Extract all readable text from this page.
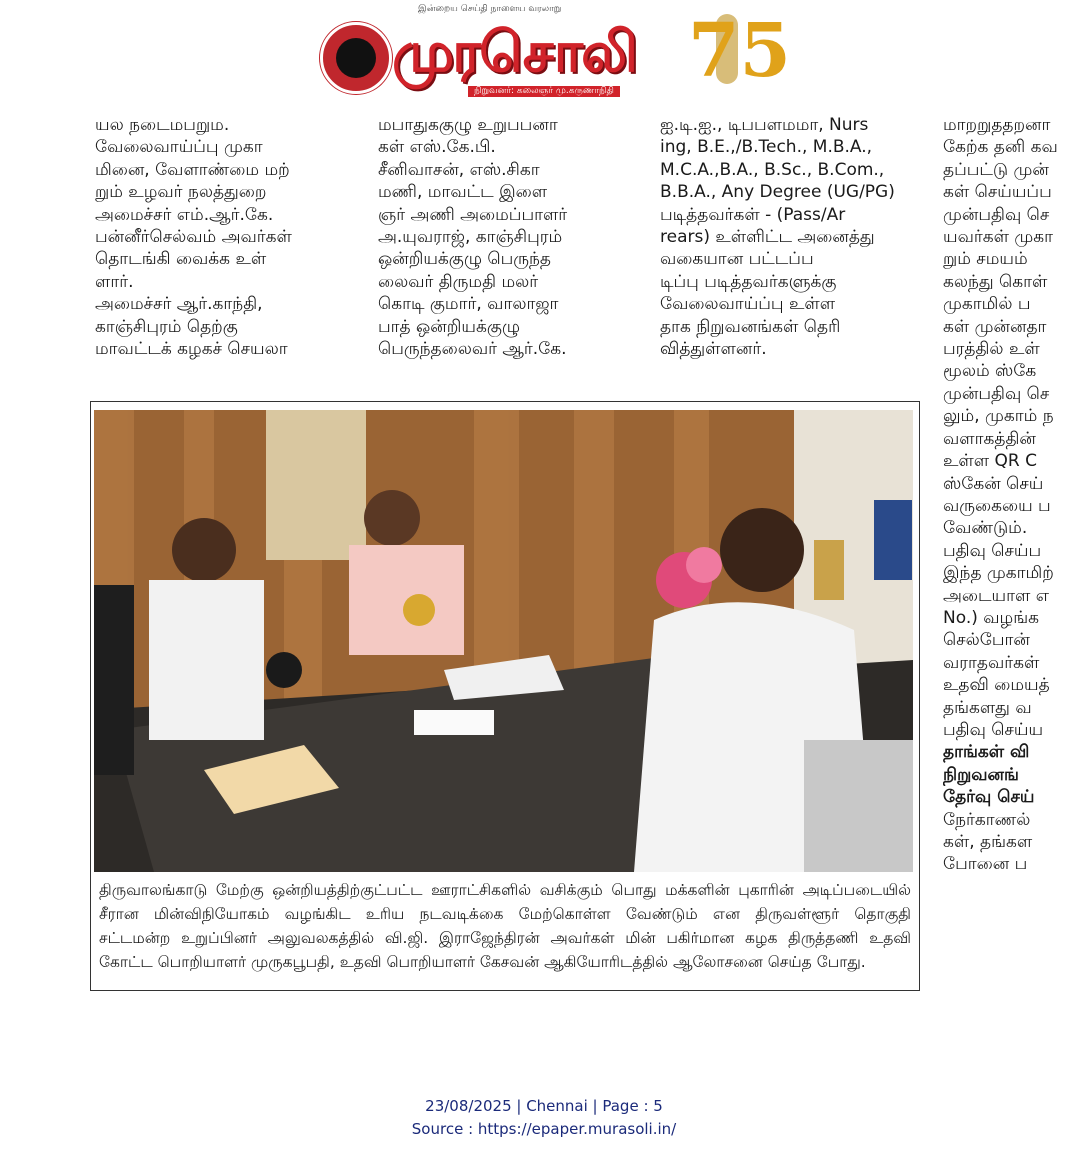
இன்றைய செய்தி நாளைய வரலாறு
முரசொலி
நிறுவனர்: கலைஞர் மு.கருணாநிதி 75
யல நடைமபறும.
வேலைவாய்ப்பு முகா
மினை, வேளாண்மை மற்
றும் உழவர் நலத்துறை
அமைச்சர் எம்.ஆர்.கே.
பன்னீர்செல்வம் அவர்கள்
தொடங்கி வைக்க உள்
ளார்.
அமைச்சர் ஆர்.காந்தி,
காஞ்சிபுரம் தெற்கு
மாவட்டக் கழகச் செயலா
மபாதுககுழு உறுபபனா
கள் எஸ்.கே.பி.
சீனிவாசன், எஸ்.சிகா
மணி, மாவட்ட இளை
ஞர் அணி அமைப்பாளர்
அ.யுவராஜ், காஞ்சிபுரம்
ஒன்றியக்குழு பெருந்த
லைவர் திருமதி மலர்
கொடி குமார், வாலாஜா
பாத் ஒன்றியக்குழு
பெருந்தலைவர் ஆர்.கே.
ஐ.டி.ஐ., டிபபளமமா, Nurs
ing, B.E.,/B.Tech., M.B.A.,
M.C.A.,B.A., B.Sc., B.Com.,
B.B.A., Any Degree (UG/PG)
படித்தவர்கள் - (Pass/Ar
rears) உள்ளிட்ட அனைத்து
வகையான பட்டப்ப
டிப்பு படித்தவர்களுக்கு
வேலைவாய்ப்பு உள்ள
தாக நிறுவனங்கள் தெரி
வித்துள்ளனர்.
மாறறுததறனா
கேற்க தனி கவ
தப்பட்டு முன்
கள் செய்யப்ப
முன்பதிவு செ
யவர்கள் முகா
றும் சமயம்
கலந்து கொள்
முகாமில் ப
கள் முன்னதா
பரத்தில் உள்
மூலம் ஸ்கே
முன்பதிவு செ
லும், முகாம் ந
வளாகத்தின்
உள்ள QR C
ஸ்கேன் செய்
வருகையை ப
வேண்டும்.
பதிவு செய்ப
இந்த முகாமிற்
அடையாள எ
No.) வழங்க
செல்போன்
வராதவர்கள்
உதவி மையத்
தங்களது வ
பதிவு செய்ய
தாங்கள் வி
நிறுவனங்
தேர்வு செய்
நேர்காணல்
கள், தங்கள
போனை ப
திருவாலங்காடு மேற்கு ஒன்றியத்திற்குட்பட்ட ஊராட்சிகளில் வசிக்கும் பொது மக்களின் புகாரின் அடிப்படையில்
சீரான மின்விநியோகம் வழங்கிட உரிய நடவடிக்கை மேற்கொள்ள வேண்டும் என திருவள்ளூர் தொகுதி
சட்டமன்ற உறுப்பினர் அலுவலகத்தில் வி.ஜி. இராஜேந்திரன் அவர்கள் மின் பகிர்மான கழக திருத்தணி உதவி
கோட்ட பொறியாளர் முருகபூபதி, உதவி பொறியாளர் கேசவன் ஆகியோரிடத்தில் ஆலோசனை செய்த போது.
23/08/2025 | Chennai | Page : 5
Source : https://epaper.murasoli.in/
